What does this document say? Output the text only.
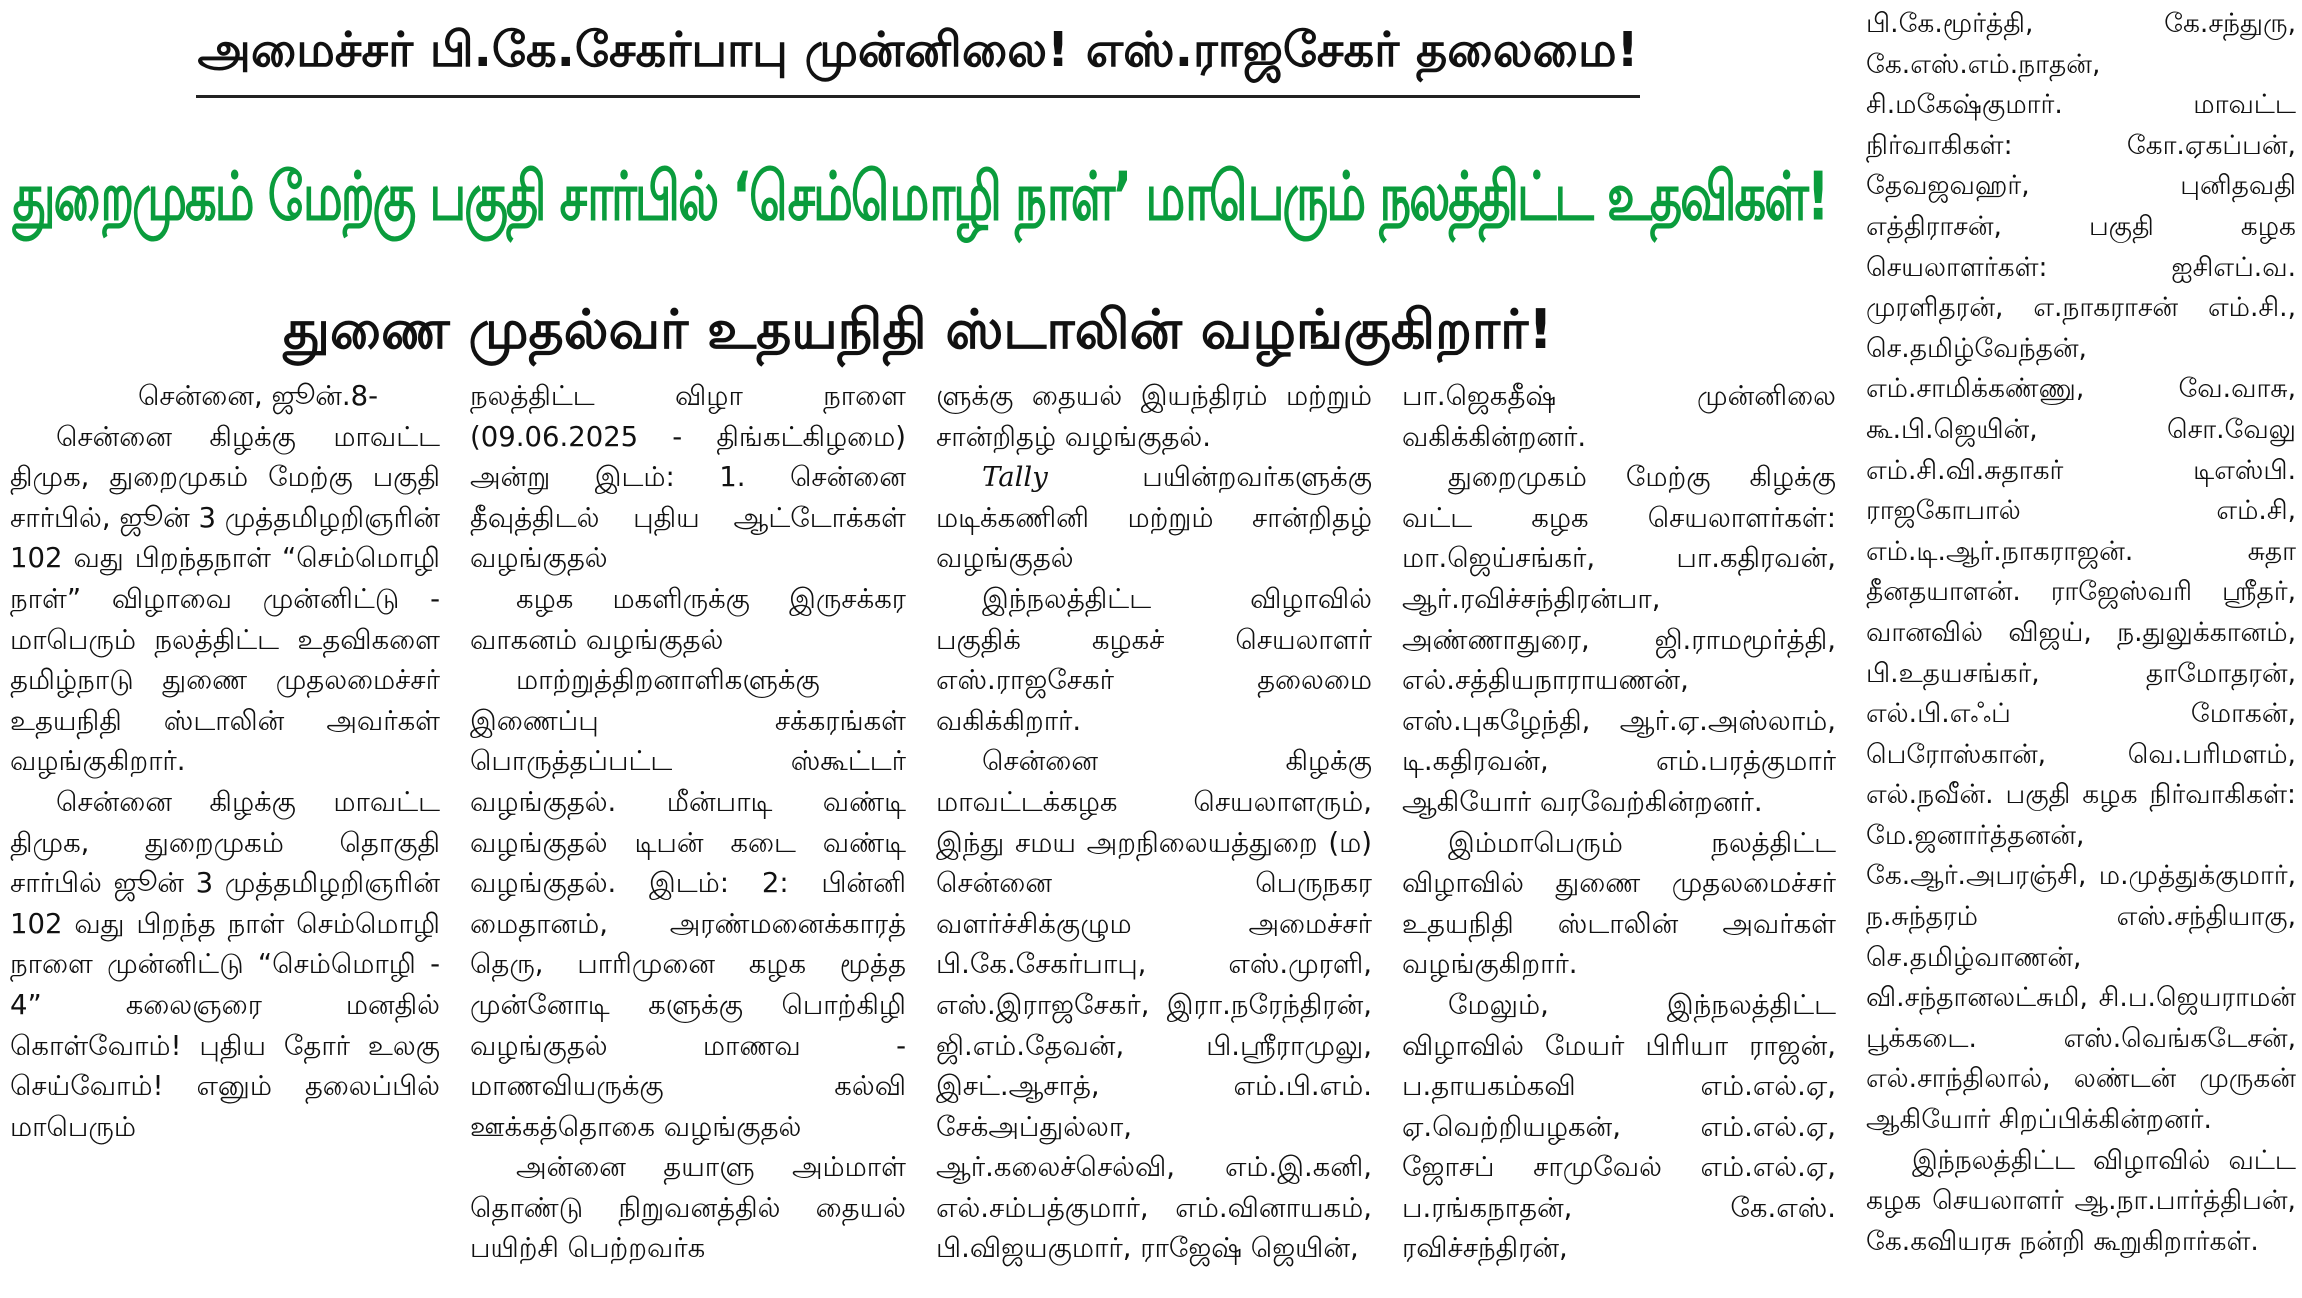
அமைச்சர் பி.கே.சேகர்பாபு முன்னிலை! எஸ்.ராஜசேகர் தலைமை!
துறைமுகம் மேற்கு பகுதி சார்பில் ‘செம்மொழி நாள்’ மாபெரும் நலத்திட்ட உதவிகள்!
துணை முதல்வர் உதயநிதி ஸ்டாலின் வழங்குகிறார்!

சென்னை, ஜூன்.8-

சென்னை கிழக்கு மாவட்ட திமுக, துறைமுகம் மேற்கு பகுதி சார்பில், ஜூன் 3 முத்தமிழறிஞரின் 102 வது பிறந்தநாள் “செம்மொழி நாள்” விழாவை முன்னிட்டு - மாபெரும் நலத்திட்ட உதவிகளை தமிழ்நாடு துணை முதலமைச்சர் உதயநிதி ஸ்டாலின் அவர்கள் வழங்குகிறார்.

சென்னை கிழக்கு மாவட்ட திமுக, துறைமுகம் தொகுதி சார்பில் ஜூன் 3 முத்தமிழறிஞரின் 102 வது பிறந்த நாள் செம்மொழி நாளை முன்னிட்டு “செம்மொழி - 4” கலைஞரை மனதில் கொள்வோம்! புதிய தோர் உலகு செய்வோம்! எனும் தலைப்பில் மாபெரும்

நலத்திட்ட விழா நாளை (09.06.2025 - திங்கட்கிழமை) அன்று இடம்: 1. சென்னை தீவுத்திடல் புதிய ஆட்டோக்கள் வழங்குதல்

கழக மகளிருக்கு இருசக்கர வாகனம் வழங்குதல்

மாற்றுத்திறனாளிகளுக்கு இணைப்பு சக்கரங்கள் பொருத்தப்பட்ட ஸ்கூட்டர் வழங்குதல். மீன்பாடி வண்டி வழங்குதல் டிபன் கடை வண்டி வழங்குதல். இடம்: 2: பின்னி மைதானம், அரண்மனைக்காரத் தெரு, பாரிமுனை கழக மூத்த முன்னோடி களுக்கு பொற்கிழி வழங்குதல் மாணவ - மாணவியருக்கு கல்வி ஊக்கத்தொகை வழங்குதல்

அன்னை தயாளு அம்மாள் தொண்டு நிறுவனத்தில் தையல் பயிற்சி பெற்றவர்க

ளுக்கு தையல் இயந்திரம் மற்றும் சான்றிதழ் வழங்குதல்.

Tally பயின்றவர்களுக்கு மடிக்கணினி மற்றும் சான்றிதழ் வழங்குதல்

இந்நலத்திட்ட விழாவில் பகுதிக் கழகச் செயலாளர் எஸ்.ராஜசேகர் தலைமை வகிக்கிறார்.

சென்னை கிழக்கு மாவட்டக்கழக செயலாளரும், இந்து சமய அறநிலையத்துறை (ம) சென்னை பெருநகர வளர்ச்சிக்குழும அமைச்சர் பி.கே.சேகர்பாபு, எஸ்.முரளி, எஸ்.இராஜசேகர், இரா.நரேந்திரன், ஜி.எம்.தேவன், பி.ஸ்ரீராமுலு, இசட்.ஆசாத், எம்.பி.எம். சேக்அப்துல்லா, ஆர்.கலைச்செல்வி, எம்.இ.கனி, எல்.சம்பத்குமார், எம்.வினாயகம், பி.விஜயகுமார், ராஜேஷ் ஜெயின்,

பா.ஜெகதீஷ் முன்னிலை வகிக்கின்றனர்.

துறைமுகம் மேற்கு கிழக்கு வட்ட கழக செயலாளர்கள்: மா.ஜெய்சங்கர், பா.கதிரவன், ஆர்.ரவிச்சந்திரன்பா, அண்ணாதுரை, ஜி.ராமமூர்த்தி, எல்.சத்தியநாராயணன், எஸ்.புகழேந்தி, ஆர்.ஏ.அஸ்லாம், டி.கதிரவன், எம்.பரத்குமார் ஆகியோர் வரவேற்கின்றனர்.

இம்மாபெரும் நலத்திட்ட விழாவில் துணை முதலமைச்சர் உதயநிதி ஸ்டாலின் அவர்கள் வழங்குகிறார்.

மேலும், இந்நலத்திட்ட விழாவில் மேயர் பிரியா ராஜன், ப.தாயகம்கவி எம்.எல்.ஏ, ஏ.வெற்றியழகன், எம்.எல்.ஏ, ஜோசப் சாமுவேல் எம்.எல்.ஏ, ப.ரங்கநாதன், கே.எஸ். ரவிச்சந்திரன்,

பி.கே.மூர்த்தி, கே.சந்துரு, கே.எஸ்.எம்.நாதன், சி.மகேஷ்குமார். மாவட்ட நிர்வாகிகள்: கோ.ஏகப்பன், தேவஜவஹர், புனிதவதி எத்திராசன், பகுதி கழக செயலாளர்கள்: ஐசிஎப்.வ. முரளிதரன், எ.நாகராசன் எம்.சி., செ.தமிழ்வேந்தன், எம்.சாமிக்கண்ணு, வே.வாசு, கூ.பி.ஜெயின், சொ.வேலு எம்.சி.வி.சுதாகர் டிஎஸ்பி. ராஜகோபால் எம்.சி, எம்.டி.ஆர்.நாகராஜன். சுதா தீனதயாளன். ராஜேஸ்வரி ஸ்ரீதர், வானவில் விஜய், ந.துலுக்கானம், பி.உதயசங்கர், தாமோதரன், எல்.பி.எஃப் மோகன், பெரோஸ்கான், வெ.பரிமளம், எல்.நவீன். பகுதி கழக நிர்வாகிகள்: மே.ஜனார்த்தனன், கே.ஆர்.அபரஞ்சி, ம.முத்துக்குமார், ந.சுந்தரம் எஸ்.சந்தியாகு, செ.தமிழ்வாணன், வி.சந்தானலட்சுமி, சி.ப.ஜெயராமன் பூக்கடை. எஸ்.வெங்கடேசன், எல்.சாந்திலால், லண்டன் முருகன் ஆகியோர் சிறப்பிக்கின்றனர்.

இந்நலத்திட்ட விழாவில் வட்ட கழக செயலாளர் ஆ.நா.பார்த்திபன், கே.கவியரசு நன்றி கூறுகிறார்கள்.
